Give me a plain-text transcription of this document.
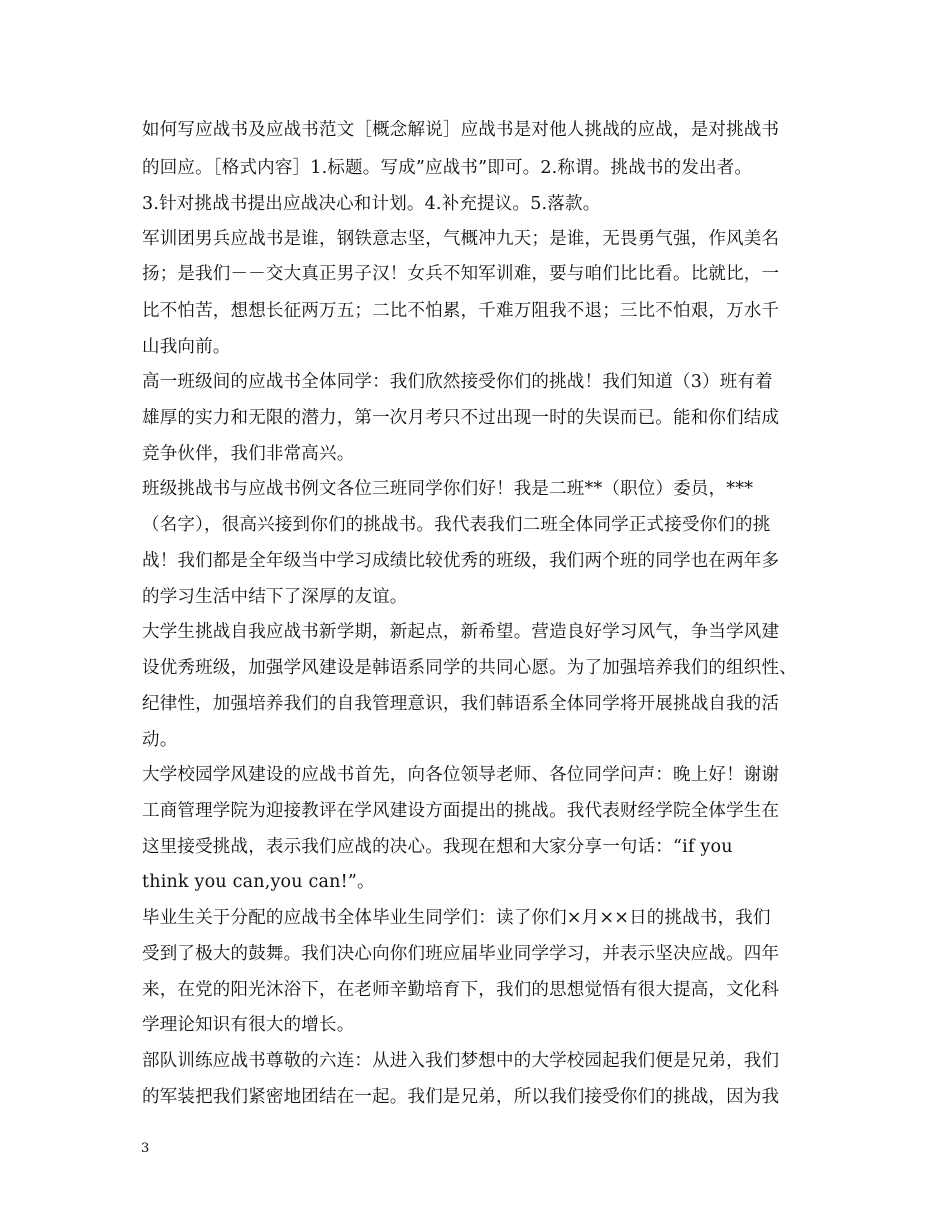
如何写应战书及应战书范文［概念解说］应战书是对他人挑战的应战，是对挑战书
的回应。［格式内容］1.标题。写成”应战书”即可。2.称谓。挑战书的发出者。
3.针对挑战书提出应战决心和计划。4.补充提议。5.落款。
军训团男兵应战书是谁，钢铁意志坚，气概冲九天；是谁，无畏勇气强，作风美名
扬；是我们－－交大真正男子汉！女兵不知军训难，要与咱们比比看。比就比，一
比不怕苦，想想长征两万五；二比不怕累，千难万阻我不退；三比不怕艰，万水千
山我向前。
高一班级间的应战书全体同学：我们欣然接受你们的挑战！我们知道（3）班有着
雄厚的实力和无限的潜力，第一次月考只不过出现一时的失误而已。能和你们结成
竞争伙伴，我们非常高兴。
班级挑战书与应战书例文各位三班同学你们好！我是二班**（职位）委员，***
（名字），很高兴接到你们的挑战书。我代表我们二班全体同学正式接受你们的挑
战！我们都是全年级当中学习成绩比较优秀的班级，我们两个班的同学也在两年多
的学习生活中结下了深厚的友谊。
大学生挑战自我应战书新学期，新起点，新希望。营造良好学习风气，争当学风建
设优秀班级，加强学风建设是韩语系同学的共同心愿。为了加强培养我们的组织性、
纪律性，加强培养我们的自我管理意识，我们韩语系全体同学将开展挑战自我的活
动。
大学校园学风建设的应战书首先，向各位领导老师、各位同学问声：晚上好！谢谢
工商管理学院为迎接教评在学风建设方面提出的挑战。我代表财经学院全体学生在
这里接受挑战，表示我们应战的决心。我现在想和大家分享一句话：“if you
think you can,you can!”。
毕业生关于分配的应战书全体毕业生同学们：读了你们×月××日的挑战书，我们
受到了极大的鼓舞。我们决心向你们班应届毕业同学学习，并表示坚决应战。四年
来，在党的阳光沐浴下，在老师辛勤培育下，我们的思想觉悟有很大提高，文化科
学理论知识有很大的增长。
部队训练应战书尊敬的六连：从进入我们梦想中的大学校园起我们便是兄弟，我们
的军装把我们紧密地团结在一起。我们是兄弟，所以我们接受你们的挑战，因为我
3
